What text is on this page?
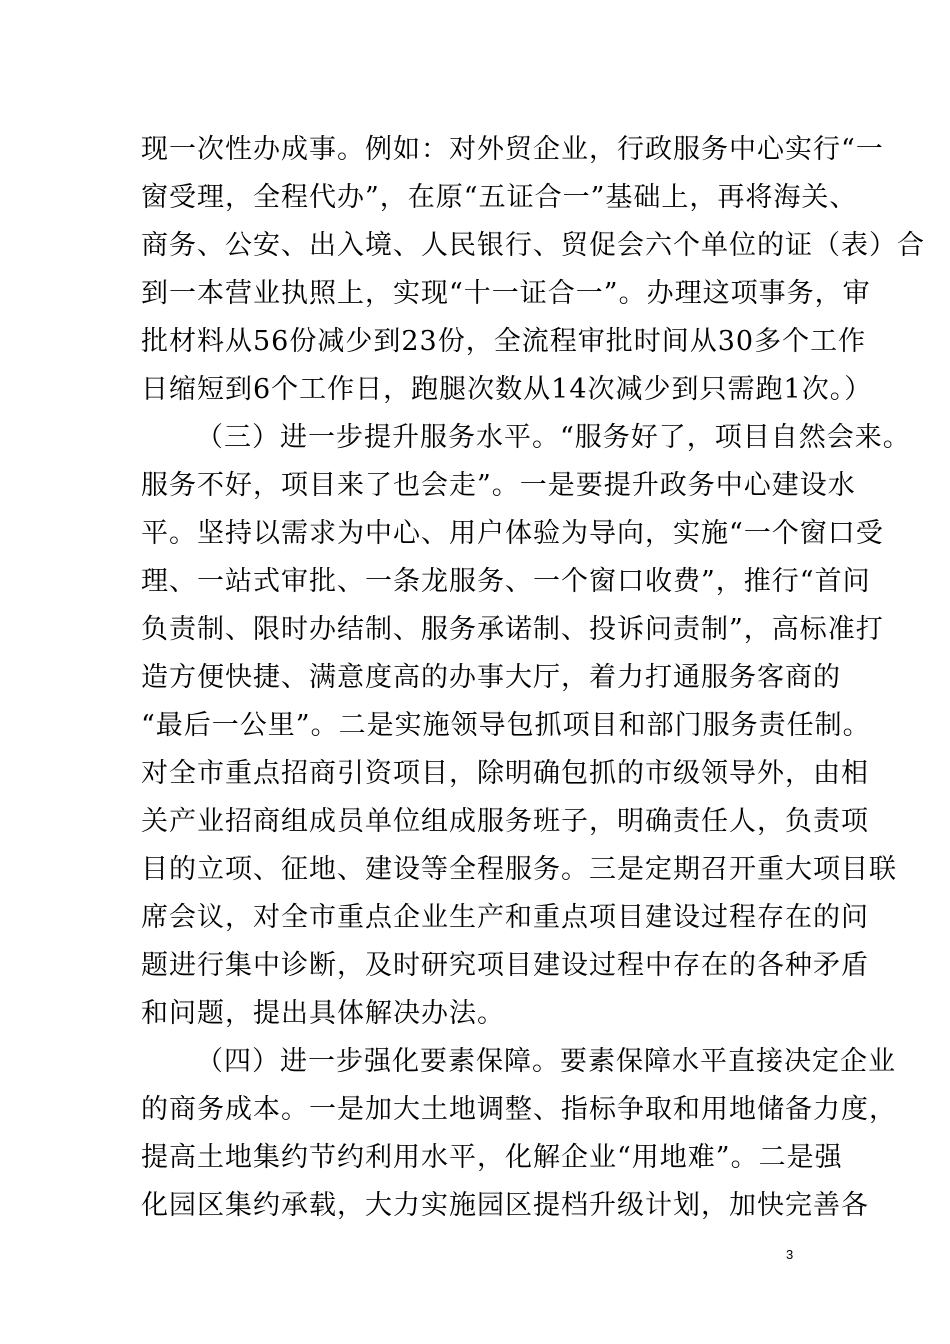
现一次性办成事。例如：对外贸企业，行政服务中心实行“一
窗受理，全程代办”，在原“五证合一”基础上，再将海关、
商务、公安、出入境、人民银行、贸促会六个单位的证（表）合
到一本营业执照上，实现“十一证合一”。办理这项事务，审
批材料从56份减少到23份，全流程审批时间从30多个工作
日缩短到6个工作日，跑腿次数从14次减少到只需跑1次。）
（三）进一步提升服务水平。“服务好了，项目自然会来。
服务不好，项目来了也会走”。一是要提升政务中心建设水
平。坚持以需求为中心、用户体验为导向，实施“一个窗口受
理、一站式审批、一条龙服务、一个窗口收费”，推行“首问
负责制、限时办结制、服务承诺制、投诉问责制”，高标准打
造方便快捷、满意度高的办事大厅，着力打通服务客商的
“最后一公里”。二是实施领导包抓项目和部门服务责任制。
对全市重点招商引资项目，除明确包抓的市级领导外，由相
关产业招商组成员单位组成服务班子，明确责任人，负责项
目的立项、征地、建设等全程服务。三是定期召开重大项目联
席会议，对全市重点企业生产和重点项目建设过程存在的问
题进行集中诊断，及时研究项目建设过程中存在的各种矛盾
和问题，提出具体解决办法。
（四）进一步强化要素保障。要素保障水平直接决定企业
的商务成本。一是加大土地调整、指标争取和用地储备力度，
提高土地集约节约利用水平，化解企业“用地难”。二是强
化园区集约承载，大力实施园区提档升级计划，加快完善各
3
